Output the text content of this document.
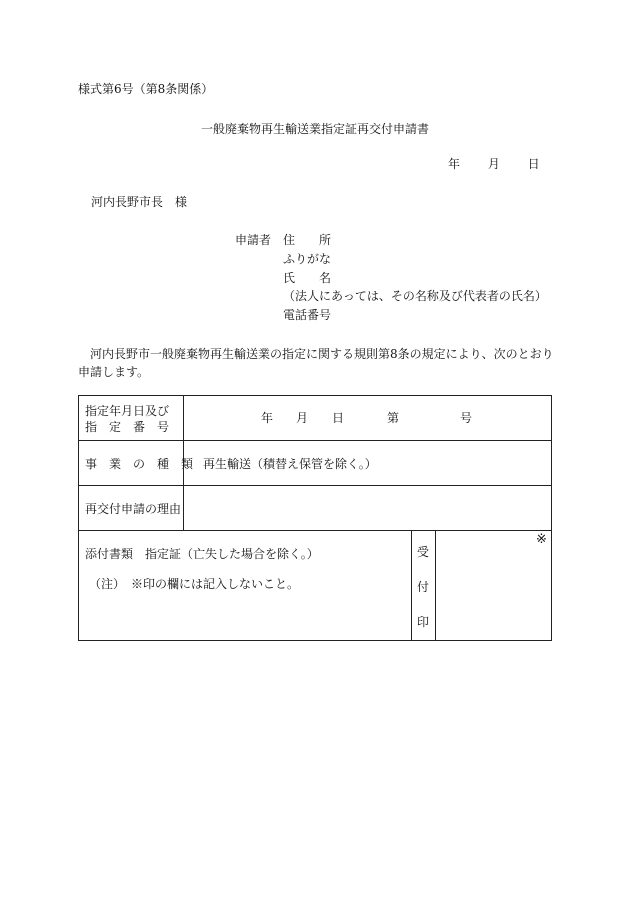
様式第6号（第8条関係）
一般廃棄物再生輸送業指定証再交付申請書
年 月 日
河内長野市長　様
申請者 住　　所
ふりがな
氏　　名
（法人にあっては、その名称及び代表者の氏名）
電話番号
河内長野市一般廃棄物再生輸送業の指定に関する規則第8条の規定により、次のとおり申請します。
指定年月日及び
指　定　番　号
年 月 日	第	号
事　業　の　種　類 再生輸送（積替え保管を除く。）
再交付申請の理由
添付書類　指定証（亡失した場合を除く。）
（注）　※印の欄には記入しないこと。
受
付
印
※
